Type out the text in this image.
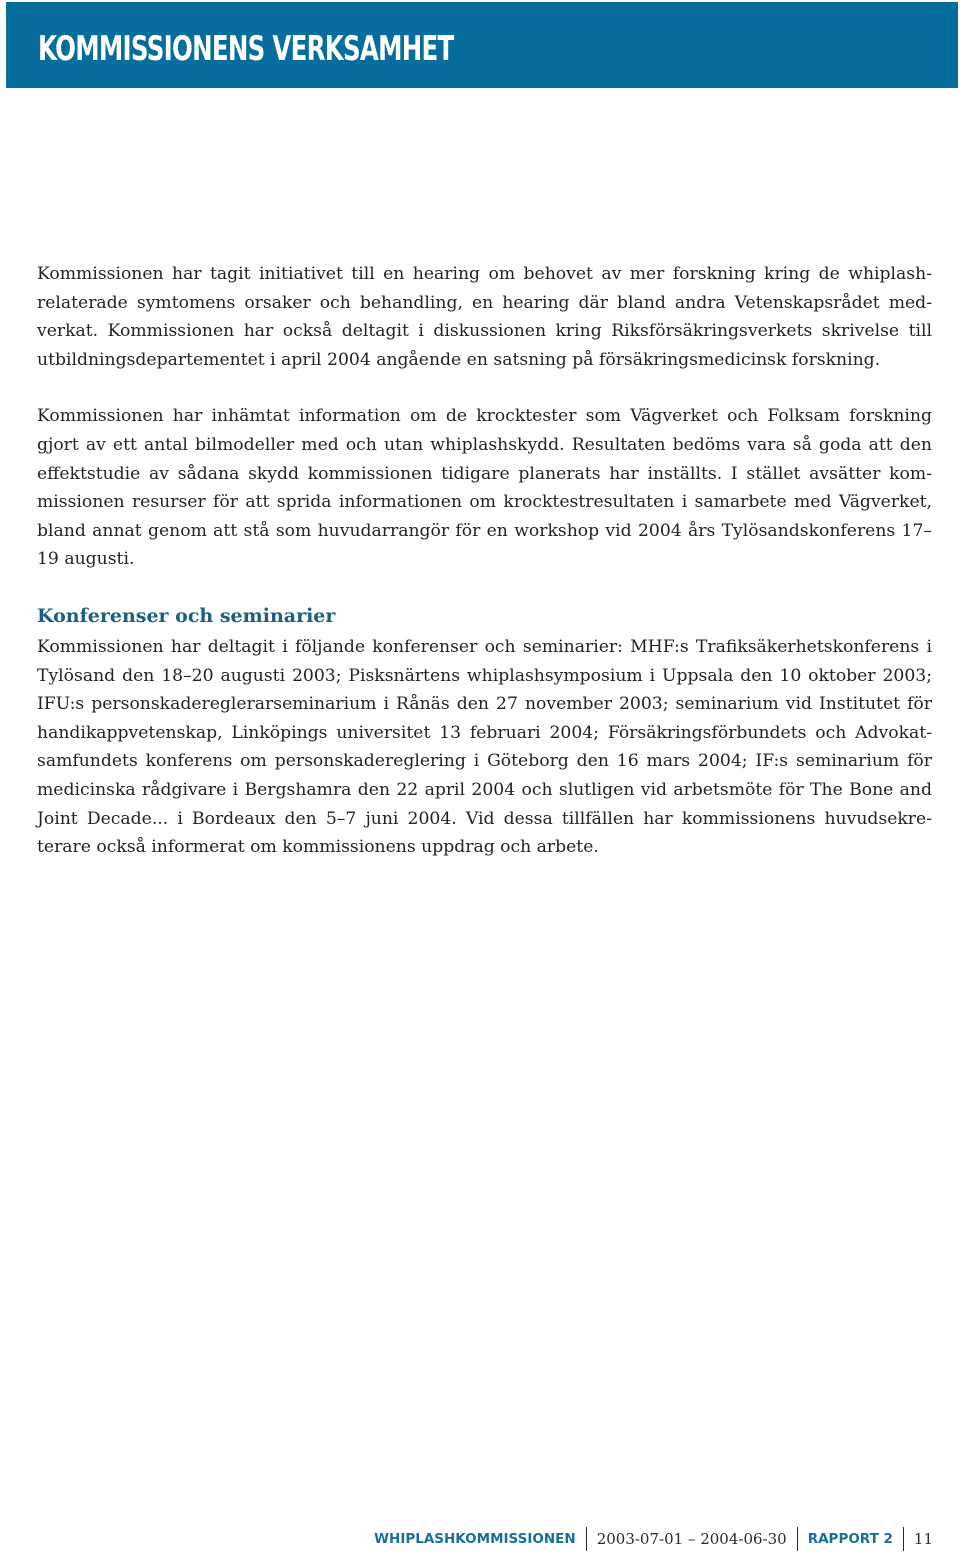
KOMMISSIONENS VERKSAMHET

Kommissionen har tagit initiativet till en hearing om behovet av mer forskning kring de whiplashrelaterade symtomens orsaker och behandling, en hearing där bland andra Vetenskapsrådet medverkat. Kommissionen har också deltagit i diskussionen kring Riksförsäkringsverkets skrivelse till utbildningsdepartementet i april 2004 angående en satsning på försäkringsmedicinsk forskning.

Kommissionen har inhämtat information om de krocktester som Vägverket och Folksam forskning gjort av ett antal bilmodeller med och utan whiplashskydd. Resultaten bedöms vara så goda att den effektstudie av sådana skydd kommissionen tidigare planerats har inställts. I stället avsätter kommissionen resurser för att sprida informationen om krocktestresultaten i samarbete med Vägverket, bland annat genom att stå som huvudarrangör för en workshop vid 2004 års Tylösandskonferens 17–19 augusti.

Konferenser och seminarier

Kommissionen har deltagit i följande konferenser och seminarier: MHF:s Trafiksäkerhetskonferens i Tylösand den 18–20 augusti 2003; Pisksnärtens whiplashsymposium i Uppsala den 10 oktober 2003; IFU:s personskadereglerarseminarium i Rånäs den 27 november 2003; seminarium vid Institutet för handikappvetenskap, Linköpings universitet 13 februari 2004; Försäkringsförbundets och Advokatsamfundets konferens om personskadereglering i Göteborg den 16 mars 2004; IF:s seminarium för medicinska rådgivare i Bergshamra den 22 april 2004 och slutligen vid arbetsmöte för The Bone and Joint Decade... i Bordeaux den 5–7 juni 2004. Vid dessa tillfällen har kommissionens huvudsekreterare också informerat om kommissionens uppdrag och arbete.

WHIPLASHKOMMISSIONEN 2003-07-01 – 2004-06-30 RAPPORT 2 11
